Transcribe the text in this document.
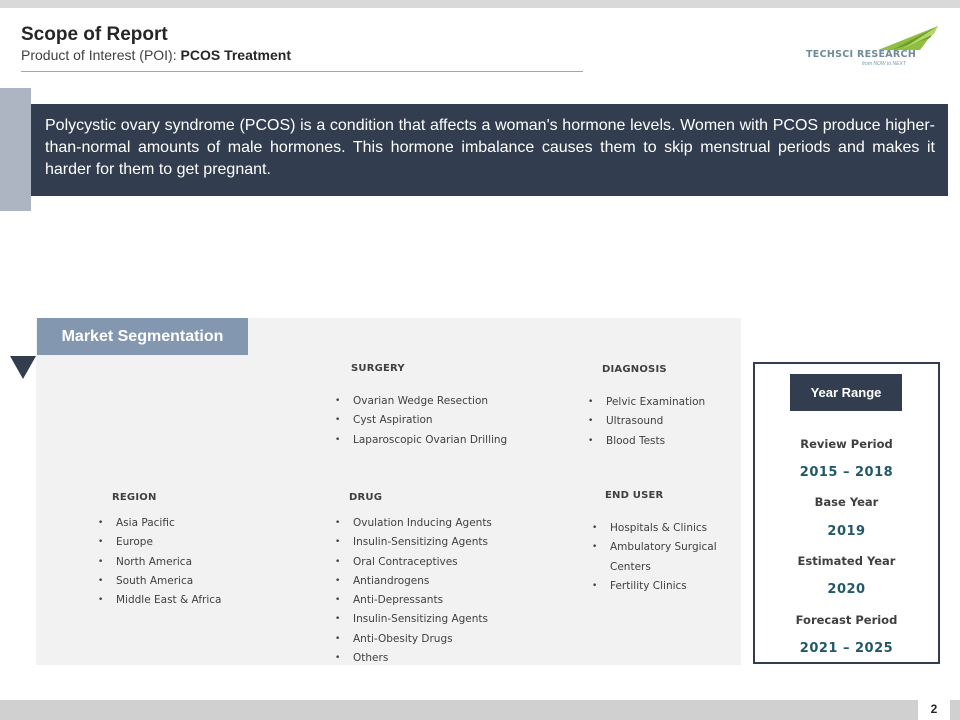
Scope of Report
Product of Interest (POI): PCOS Treatment	TECHSCI RESEARCH
from NOW to NEXT
Polycystic ovary syndrome (PCOS) is a condition that affects a woman's hormone levels. Women with PCOS produce higher-than-normal amounts of male hormones. This hormone imbalance causes them to skip menstrual periods and makes it harder for them to get pregnant.
Market Segmentation
SURGERY
• Ovarian Wedge Resection
• Cyst Aspiration
• Laparoscopic Ovarian Drilling
DIAGNOSIS
• Pelvic Examination
• Ultrasound
• Blood Tests
REGION
• Asia Pacific
• Europe
• North America
• South America
• Middle East & Africa
DRUG
• Ovulation Inducing Agents
• Insulin-Sensitizing Agents
• Oral Contraceptives
• Antiandrogens
• Anti-Depressants
• Insulin-Sensitizing Agents
• Anti-Obesity Drugs
• Others
END USER
• Hospitals & Clinics
• Ambulatory Surgical Centers
• Fertility Clinics
Year Range
Review Period
2015 – 2018
Base Year
2019
Estimated Year
2020
Forecast Period
2021 – 2025
2
